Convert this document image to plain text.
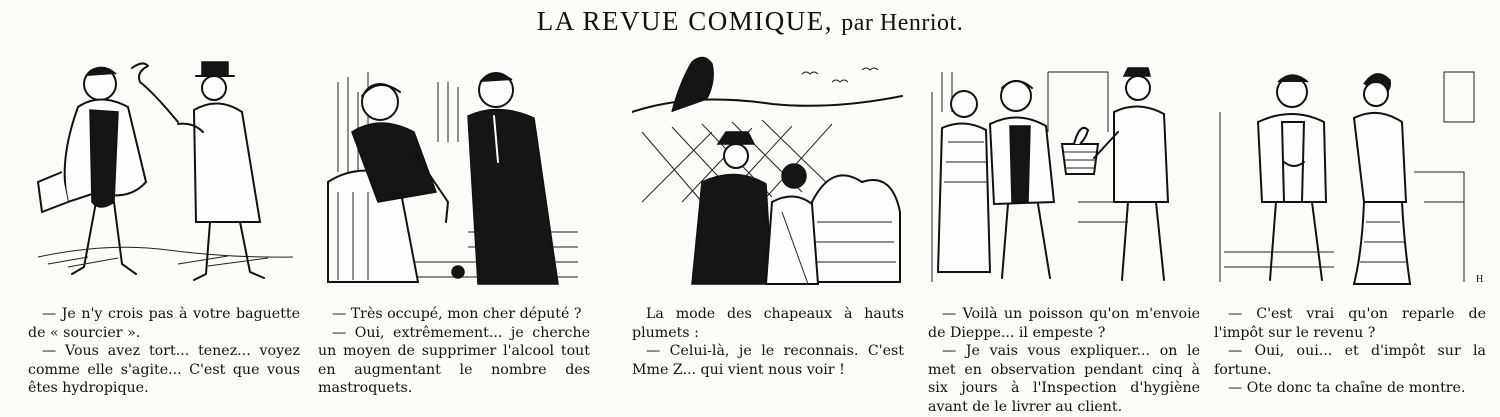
LA REVUE COMIQUE, par Henriot.

— Je n'y crois pas à votre baguette de « sourcier ».

— Vous avez tort... tenez... voyez comme elle s'agite... C'est que vous êtes hydropique.

— Très occupé, mon cher député ?

— Oui, extrêmement... je cherche un moyen de supprimer l'alcool tout en augmentant le nombre des mastroquets.

La mode des chapeaux à hauts plumets :

— Celui-là, je le reconnais. C'est Mme Z... qui vient nous voir !

— Voilà un poisson qu'on m'envoie de Dieppe... il empeste ?

— Je vais vous expliquer... on le met en observation pendant cinq à six jours à l'Inspection d'hygiène avant de le livrer au client.

H

— C'est vrai qu'on reparle de l'impôt sur le revenu ?

— Oui, oui... et d'impôt sur la fortune.

— Ote donc ta chaîne de montre.
